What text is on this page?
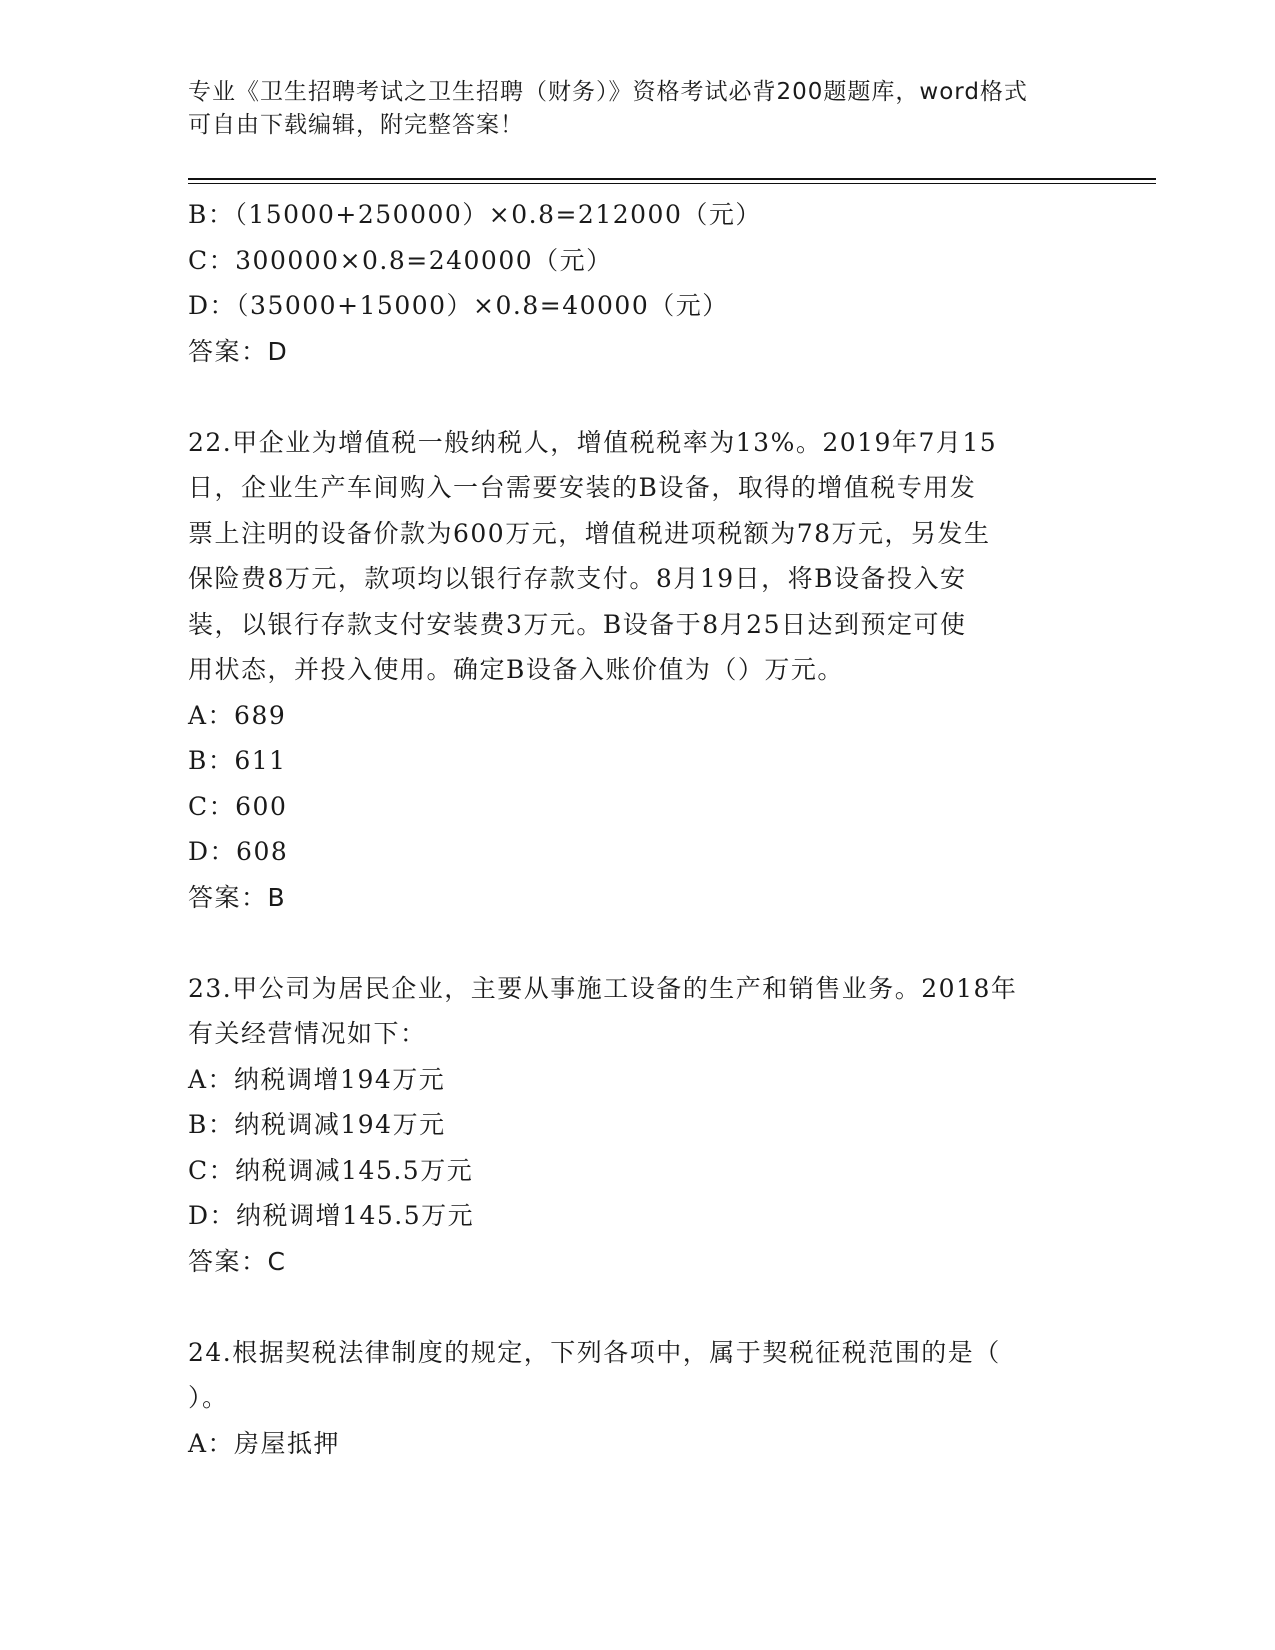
专业《卫生招聘考试之卫生招聘（财务）》资格考试必背200题题库，word格式
可自由下载编辑，附完整答案！
B：（15000+250000）×0.8=212000（元）
C：300000×0.8=240000（元）
D：（35000+15000）×0.8=40000（元）
答案：D
22.甲企业为增值税一般纳税人，增值税税率为13%。2019年7月15
日，企业生产车间购入一台需要安装的B设备，取得的增值税专用发
票上注明的设备价款为600万元，增值税进项税额为78万元，另发生
保险费8万元，款项均以银行存款支付。8月19日，将B设备投入安
装，以银行存款支付安装费3万元。B设备于8月25日达到预定可使
用状态，并投入使用。确定B设备入账价值为（）万元。
A：689
B：611
C：600
D：608
答案：B
23.甲公司为居民企业，主要从事施工设备的生产和销售业务。2018年
有关经营情况如下：
A：纳税调增194万元
B：纳税调减194万元
C：纳税调减145.5万元
D：纳税调增145.5万元
答案：C
24.根据契税法律制度的规定，下列各项中，属于契税征税范围的是（
）。
A：房屋抵押
